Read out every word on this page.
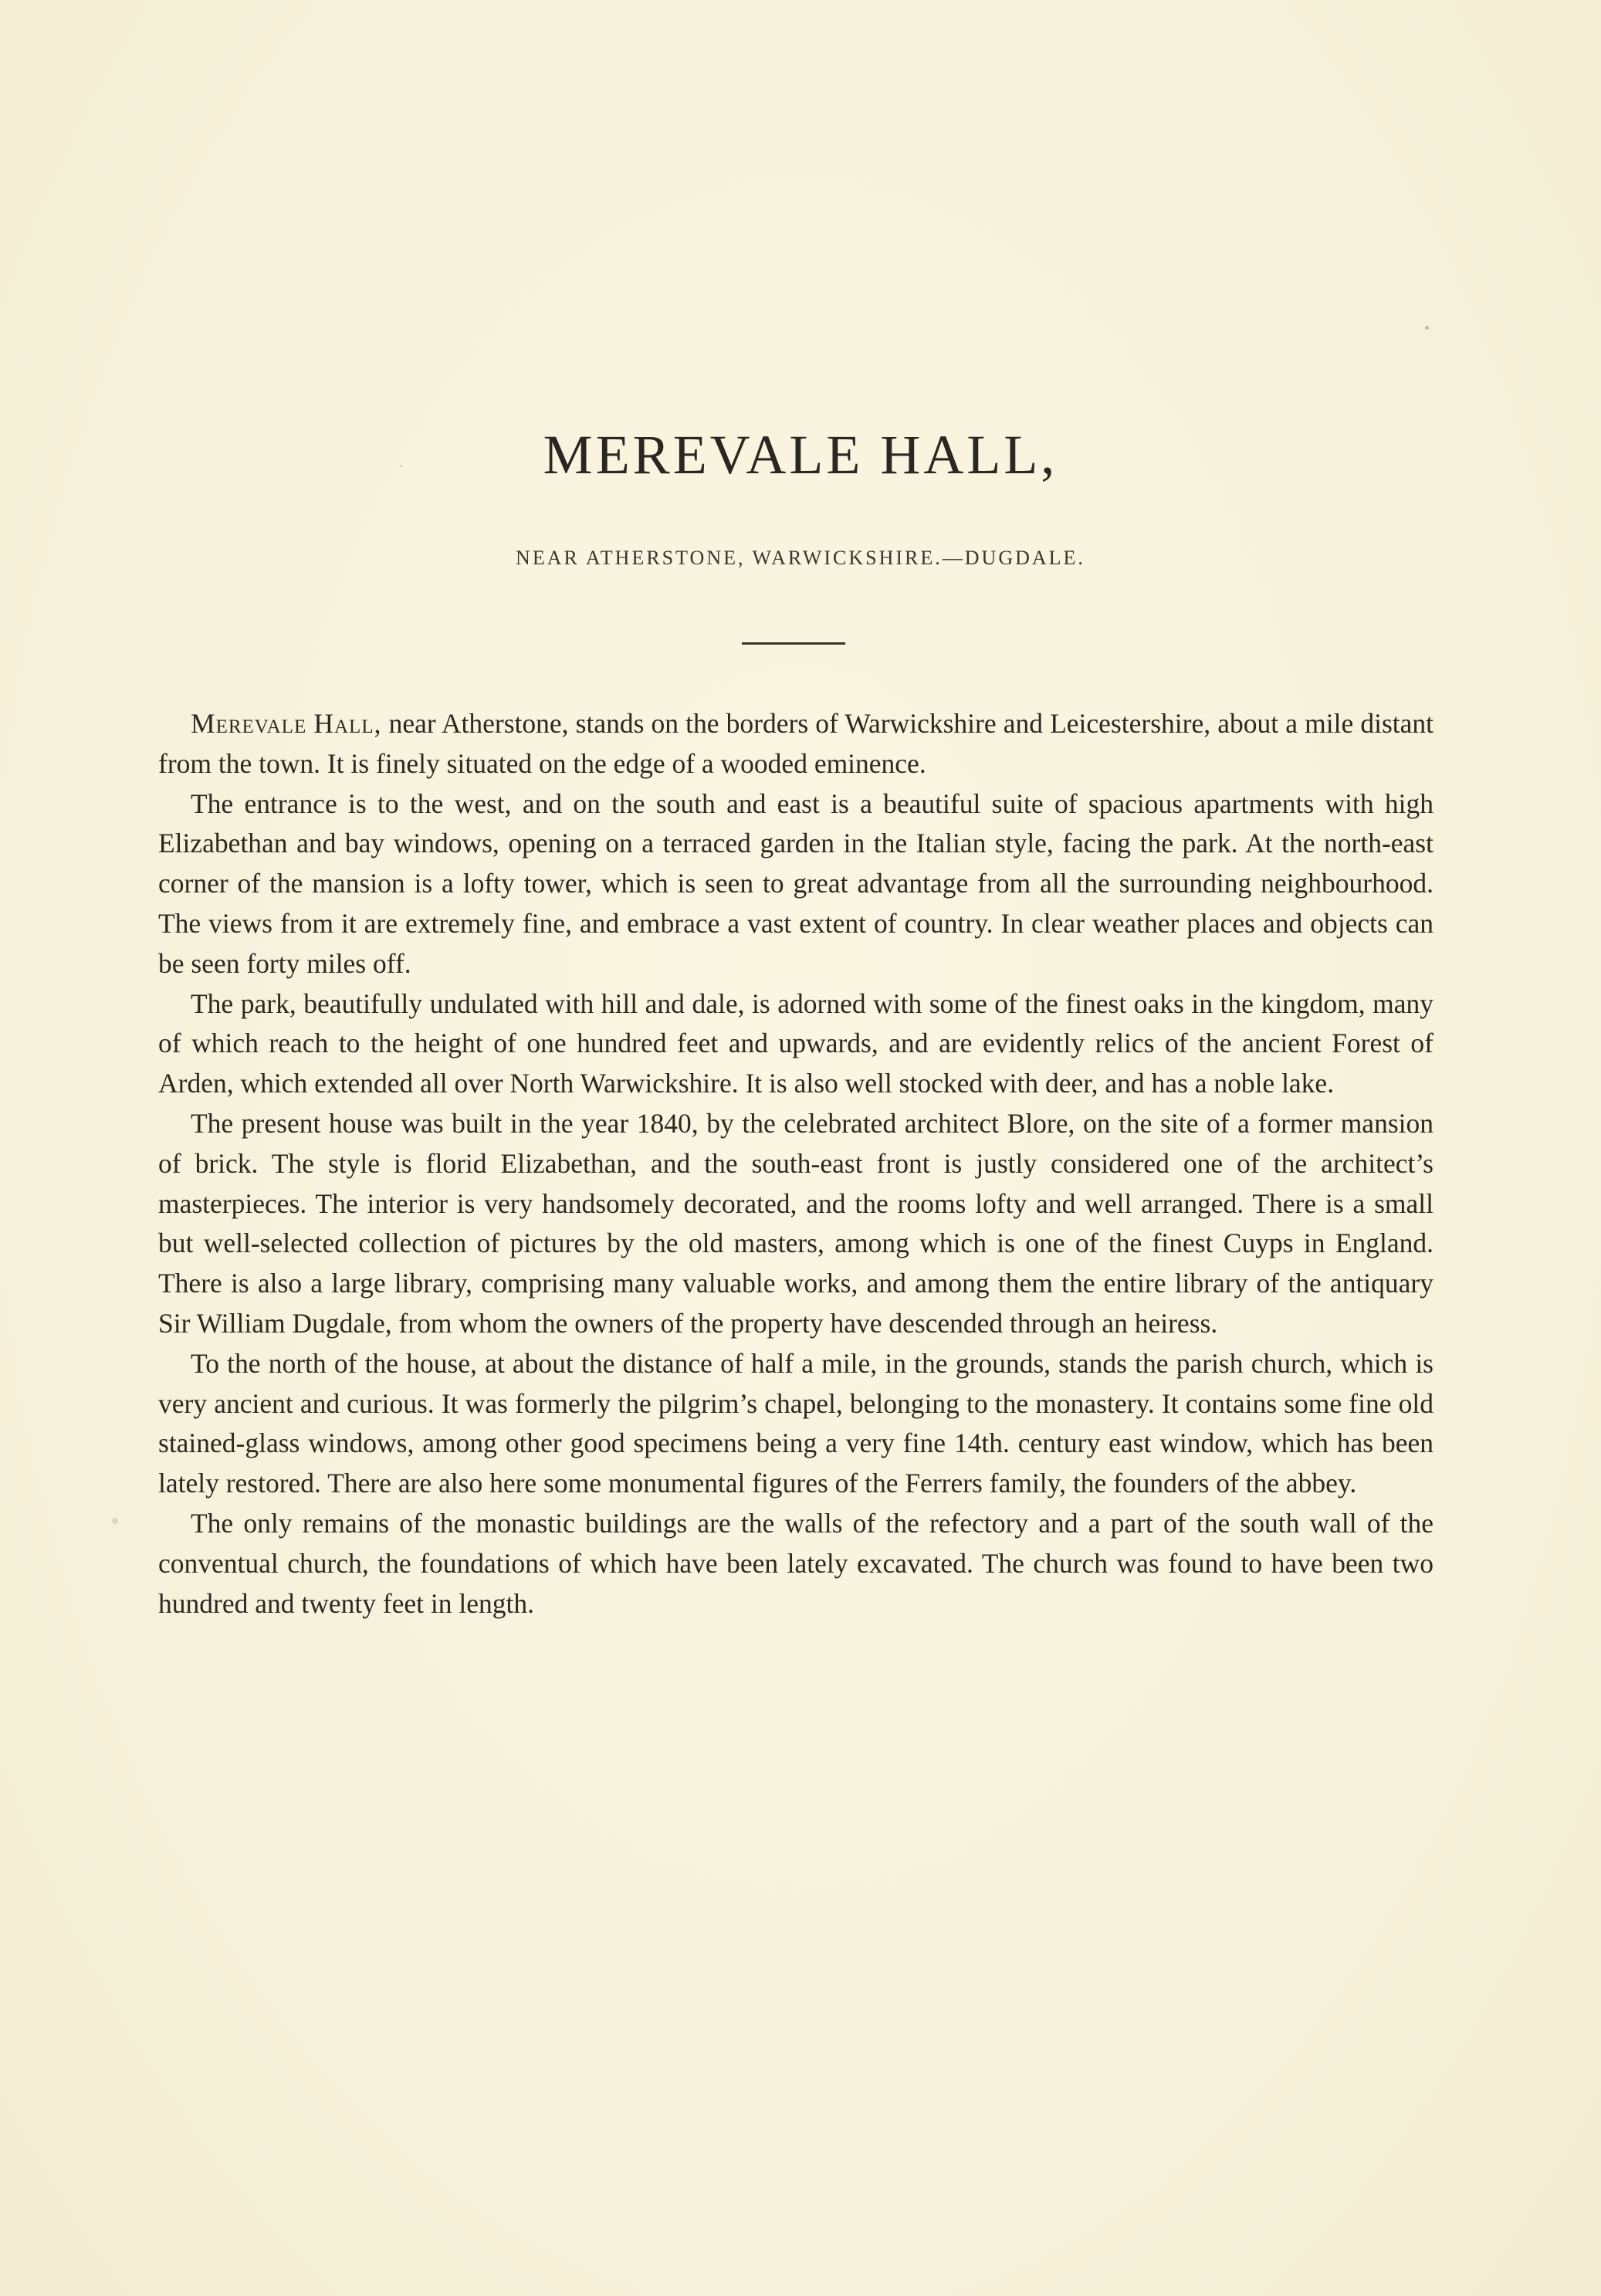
MEREVALE HALL,
NEAR ATHERSTONE, WARWICKSHIRE.—DUGDALE.

Merevale Hall, near Atherstone, stands on the borders of Warwickshire and Leicestershire, about a mile distant from the town. It is finely situated on the edge of a wooded eminence.

The entrance is to the west, and on the south and east is a beautiful suite of spacious apartments with high Elizabethan and bay windows, opening on a terraced garden in the Italian style, facing the park. At the north-east corner of the mansion is a lofty tower, which is seen to great advantage from all the surrounding neighbourhood. The views from it are extremely fine, and embrace a vast extent of country. In clear weather places and objects can be seen forty miles off.

The park, beautifully undulated with hill and dale, is adorned with some of the finest oaks in the kingdom, many of which reach to the height of one hundred feet and upwards, and are evidently relics of the ancient Forest of Arden, which extended all over North Warwickshire. It is also well stocked with deer, and has a noble lake.

The present house was built in the year 1840, by the celebrated architect Blore, on the site of a former mansion of brick. The style is florid Elizabethan, and the south-east front is justly considered one of the architect’s masterpieces. The interior is very handsomely decorated, and the rooms lofty and well arranged. There is a small but well-selected collection of pictures by the old masters, among which is one of the finest Cuyps in England. There is also a large library, comprising many valuable works, and among them the entire library of the antiquary Sir William Dugdale, from whom the owners of the property have descended through an heiress.

To the north of the house, at about the distance of half a mile, in the grounds, stands the parish church, which is very ancient and curious. It was formerly the pilgrim’s chapel, belonging to the monastery. It contains some fine old stained-glass windows, among other good specimens being a very fine 14th. century east window, which has been lately restored. There are also here some monumental figures of the Ferrers family, the founders of the abbey.

The only remains of the monastic buildings are the walls of the refectory and a part of the south wall of the conventual church, the foundations of which have been lately excavated. The church was found to have been two hundred and twenty feet in length.
